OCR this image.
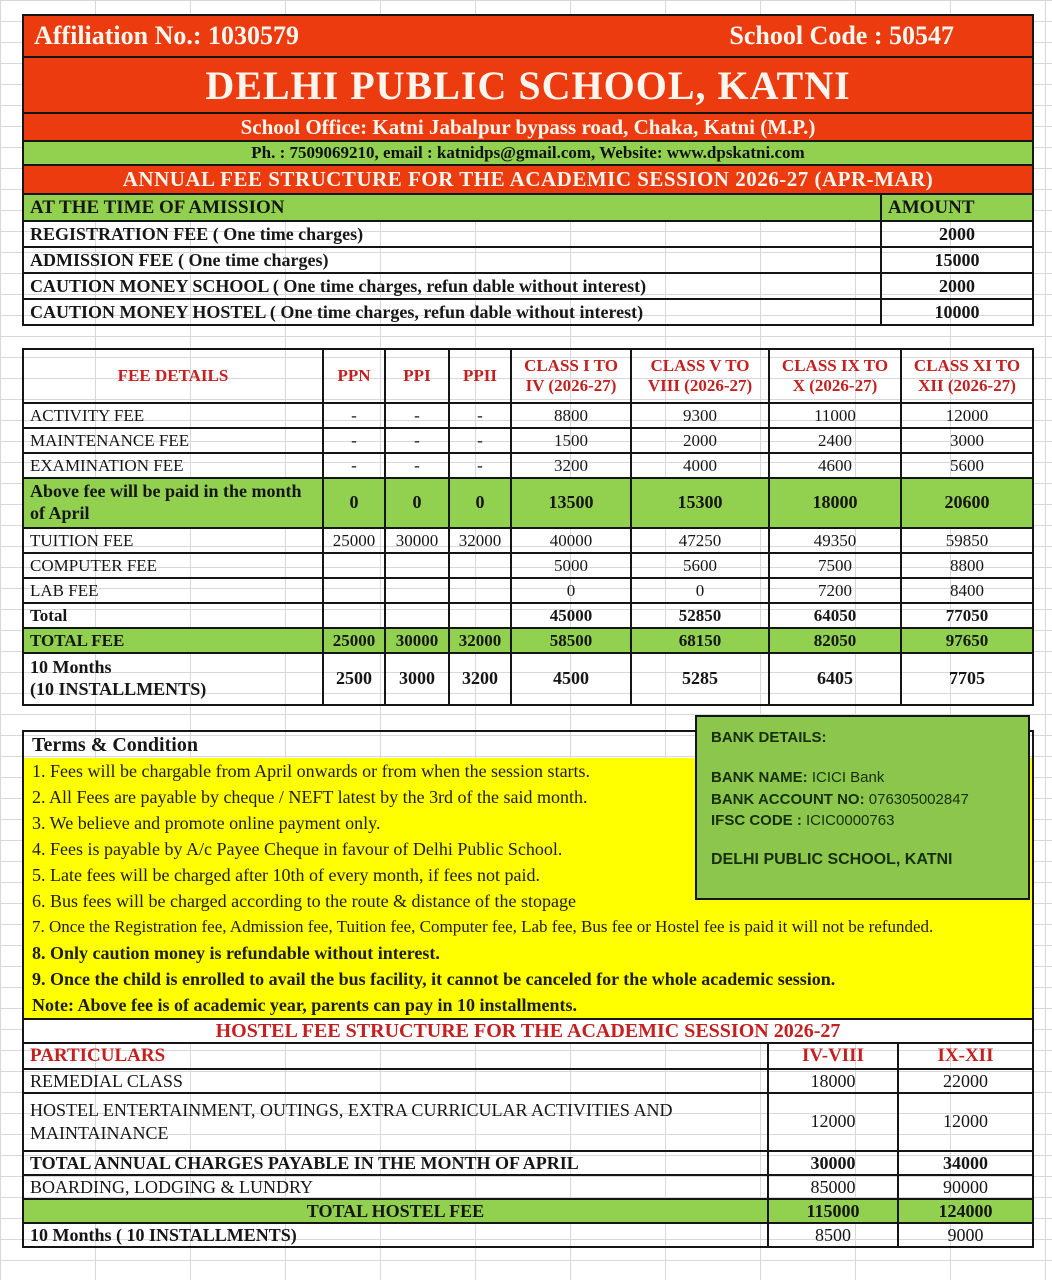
Affiliation No.: 1030579	School Code : 50547
DELHI PUBLIC SCHOOL, KATNI
School Office: Katni Jabalpur bypass road, Chaka, Katni (M.P.)
Ph. : 7509069210, email : katnidps@gmail.com, Website: www.dpskatni.com
ANNUAL FEE STRUCTURE FOR THE ACADEMIC SESSION 2026-27 (APR-MAR)
AT THE TIME OF AMISSION	AMOUNT
REGISTRATION FEE ( One time charges)	2000
ADMISSION FEE ( One time charges)	15000
CAUTION MONEY SCHOOL ( One time charges, refun dable without interest)	2000
CAUTION MONEY HOSTEL ( One time charges, refun dable without interest)	10000
FEE DETAILS	PPN	PPI	PPII	CLASS I TO IV (2026-27)	CLASS V TO VIII (2026-27)	CLASS IX TO X (2026-27)	CLASS XI TO XII (2026-27)
ACTIVITY FEE	-	-	-	8800	9300	11000	12000
MAINTENANCE FEE	-	-	-	1500	2000	2400	3000
EXAMINATION FEE	-	-	-	3200	4000	4600	5600
Above fee will be paid in the month of April	0	0	0	13500	15300	18000	20600
TUITION FEE	25000	30000	32000	40000	47250	49350	59850
COMPUTER FEE				5000	5600	7500	8800
LAB FEE				0	0	7200	8400
Total				45000	52850	64050	77050
TOTAL FEE	25000	30000	32000	58500	68150	82050	97650

10 Months
(10 INSTALLMENTS)	2500	3000	3200	4500	5285	6405	7705
Terms & Condition
1. Fees will be chargable from April onwards or from when the session starts.
2. All Fees are payable by cheque / NEFT latest by the 3rd of the said month.
3. We believe and promote online payment only.
4. Fees is payable by A/c Payee Cheque in favour of Delhi Public School.
5. Late fees will be charged after 10th of every month, if fees not paid.
6. Bus fees will be charged according to the route & distance of the stopage
7. Once the Registration fee, Admission fee, Tuition fee, Computer fee, Lab fee, Bus fee or Hostel fee is paid it will not be refunded.
8. Only caution money is refundable without interest.
9. Once the child is enrolled to avail the bus facility, it cannot be canceled for the whole academic session.
Note: Above fee is of academic year, parents can pay in 10 installments.
BANK DETAILS:
BANK NAME: ICICI Bank
BANK ACCOUNT NO: 076305002847
IFSC CODE : ICIC0000763
DELHI PUBLIC SCHOOL, KATNI
HOSTEL FEE STRUCTURE FOR THE ACADEMIC SESSION 2026-27
PARTICULARS	IV-VIII	IX-XII
REMEDIAL CLASS	18000	22000
HOSTEL ENTERTAINMENT, OUTINGS, EXTRA CURRICULAR ACTIVITIES AND MAINTAINANCE	12000	12000
TOTAL ANNUAL CHARGES PAYABLE IN THE MONTH OF APRIL	30000	34000
BOARDING, LODGING & LUNDRY	85000	90000
TOTAL HOSTEL FEE	115000	124000
10 Months ( 10 INSTALLMENTS)	8500	9000
